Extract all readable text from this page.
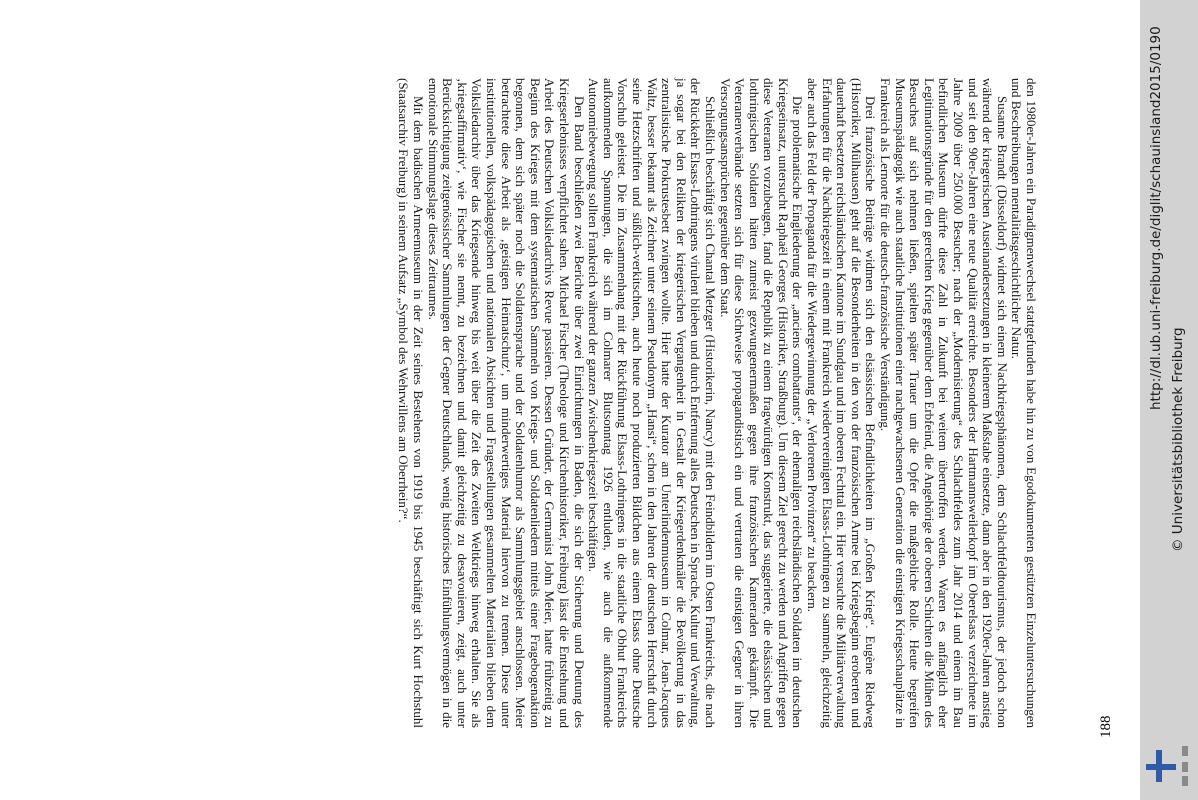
den 1980er-Jahren ein Paradigmenwechsel stattgefunden habe hin zu von Egodokumenten gestützten Einzeluntersuchungen und Beschreibungen mentalitätsgeschichtlicher Natur.

Susanne Brandt (Düsseldorf) widmet sich einem Nachkriegsphänomen, dem Schlachtfeldtourismus, der jedoch schon während der kriegerischen Auseinandersetzungen in kleinerem Maßstabe einsetzte, dann aber in den 1920er-Jahren anstieg und seit den 90er-Jahren eine neue Qualität erreichte. Besonders der Hartmannsweilerkopf im Oberelsass verzeichnete im Jahre 2009 über 250.000 Besucher; nach der „Modernisierung“ des Schlachtfeldes zum Jahr 2014 und einem im Bau befindlichen Museum dürfte diese Zahl in Zukunft bei weitem übertroffen werden. Waren es anfänglich eher Legitimationsgründe für den gerechten Krieg gegenüber dem Erbfeind, die Angehörige der oberen Schichten die Mühen des Besuches auf sich nehmen ließen, spielten später Trauer um die Opfer die maßgebliche Rolle. Heute begreifen Museumspädagogik wie auch staatliche Institutionen einer nachgewachsenen Generation die einstigen Kriegsschauplätze in Frankreich als Lernorte für die deutsch-französische Verständigung.

Drei französische Beiträge widmen sich den elsässischen Befindlichkeiten im „Großen Krieg“. Eugène Riedweg (Historiker, Mülhausen) geht auf die Besonderheiten in den von der französischen Armee bei Kriegsbeginn eroberten und dauerhaft besetzten reichsländischen Kantone im Sundgau und im oberen Fechttal ein. Hier versuchte die Militärverwaltung Erfahrungen für die Nachkriegszeit in einem mit Frankreich wiedervereinigten Elsass-Lothringen zu sammeln, gleichzeitig aber auch das Feld der Propaganda für die Wiedergewinnung der „Verlorenen Provinzen“ zu beackern.

Die problematische Eingliederung der „anciens combattants“, der ehemaligen reichsländischen Soldaten im deutschen Kriegseinsatz, untersucht Raphaël Georges (Historiker, Straßburg). Um diesem Ziel gerecht zu werden und Angriffen gegen diese Veteranen vorzubeugen, fand die Republik zu einem fragwürdigen Konstrukt, das suggerierte, die elsässischen und lothringischen Soldaten hätten zumeist gezwungenermaßen gegen ihre französischen Kameraden gekämpft. Die Veteranenverbände setzten sich für diese Sichtweise propagandistisch ein und vertraten die einstigen Gegner in ihren Versorgungsansprüchen gegenüber dem Staat.

Schließlich beschäftigt sich Chantal Metzger (Historikerin, Nancy) mit den Feindbildern im Osten Frankreichs, die nach der Rückkehr Elsass-Lothringens virulent blieben und durch Entfernung alles Deutschen in Sprache, Kultur und Verwaltung, ja sogar bei den Relikten der kriegerischen Vergangenheit in Gestalt der Kriegerdenkmäler die Bevölkerung in das zentralistische Prokrustesbett zwingen wollte. Hier hatte der Kurator am Unterlindenmuseum in Colmar, Jean-Jacques Waltz, besser bekannt als Zeichner unter seinem Pseudonym „Hansi“, schon in den Jahren der deutschen Herrschaft durch seine Hetzschriften und süßlich-verkitschten, auch heute noch produzierten Bildchen aus einem Elsass ohne Deutsche Vorschub geleistet. Die im Zusammenhang mit der Rückführung Elsass-Lothringens in die staatliche Obhut Frankreichs aufkommenden Spannungen, die sich im Colmarer Blutsonntag 1926 entluden, wie auch die aufkommende Autonomiebewegung sollten Frankreich während der ganzen Zwischenkriegszeit beschäftigen.

Den Band beschließen zwei Berichte über zwei Einrichtungen in Baden, die sich der Sicherung und Deutung des Kriegserlebnisses verpflichtet sahen. Michael Fischer (Theologe und Kirchenhistoriker, Freiburg) lässt die Entstehung und Arbeit des Deutschen Volksliedarchivs Revue passieren. Dessen Gründer, der Germanist John Meier, hatte frühzeitig zu Beginn des Krieges mit dem systematischen Sammeln von Kriegs- und Soldatenliedern mittels einer Fragebogenaktion begonnen, dem sich später noch die Soldatensprache und der Soldatenhumor als Sammlungsgebiet anschlossen. Meier betrachtete diese Arbeit als ‚geistigen Heimatschutz‘, um minderwertiges Material hiervon zu trennen. Diese unter institutionellen, volkspädagogischen und nationalen Absichten und Fragestellungen gesammelten Materialien blieben dem Volksliedarchiv über das Kriegsende hinweg bis weit über die Zeit des Zweiten Weltkriegs hinweg erhalten. Sie als ‚kriegsaffirmativ‘, wie Fischer sie nennt, zu bezeichnen und damit gleichzeitig zu desavouieren, zeigt, auch unter Berücksichtigung zeitgenössischer Sammlungen der Gegner Deutschlands, wenig historisches Einfühlungsvermögen in die emotionale Stimmungslage dieses Zeitraumes.

Mit dem badischen Armeemuseum in der Zeit seines Bestehens von 1919 bis 1945 beschäftigt sich Kurt Hochstuhl (Staatsarchiv Freiburg) in seinem Aufsatz „Symbol des Wehrwillens am Oberrhein?“.

188
http://dl.ub.uni-freiburg.de/diglit/schauinsland2015/0190
© Universitätsbibliothek Freiburg
